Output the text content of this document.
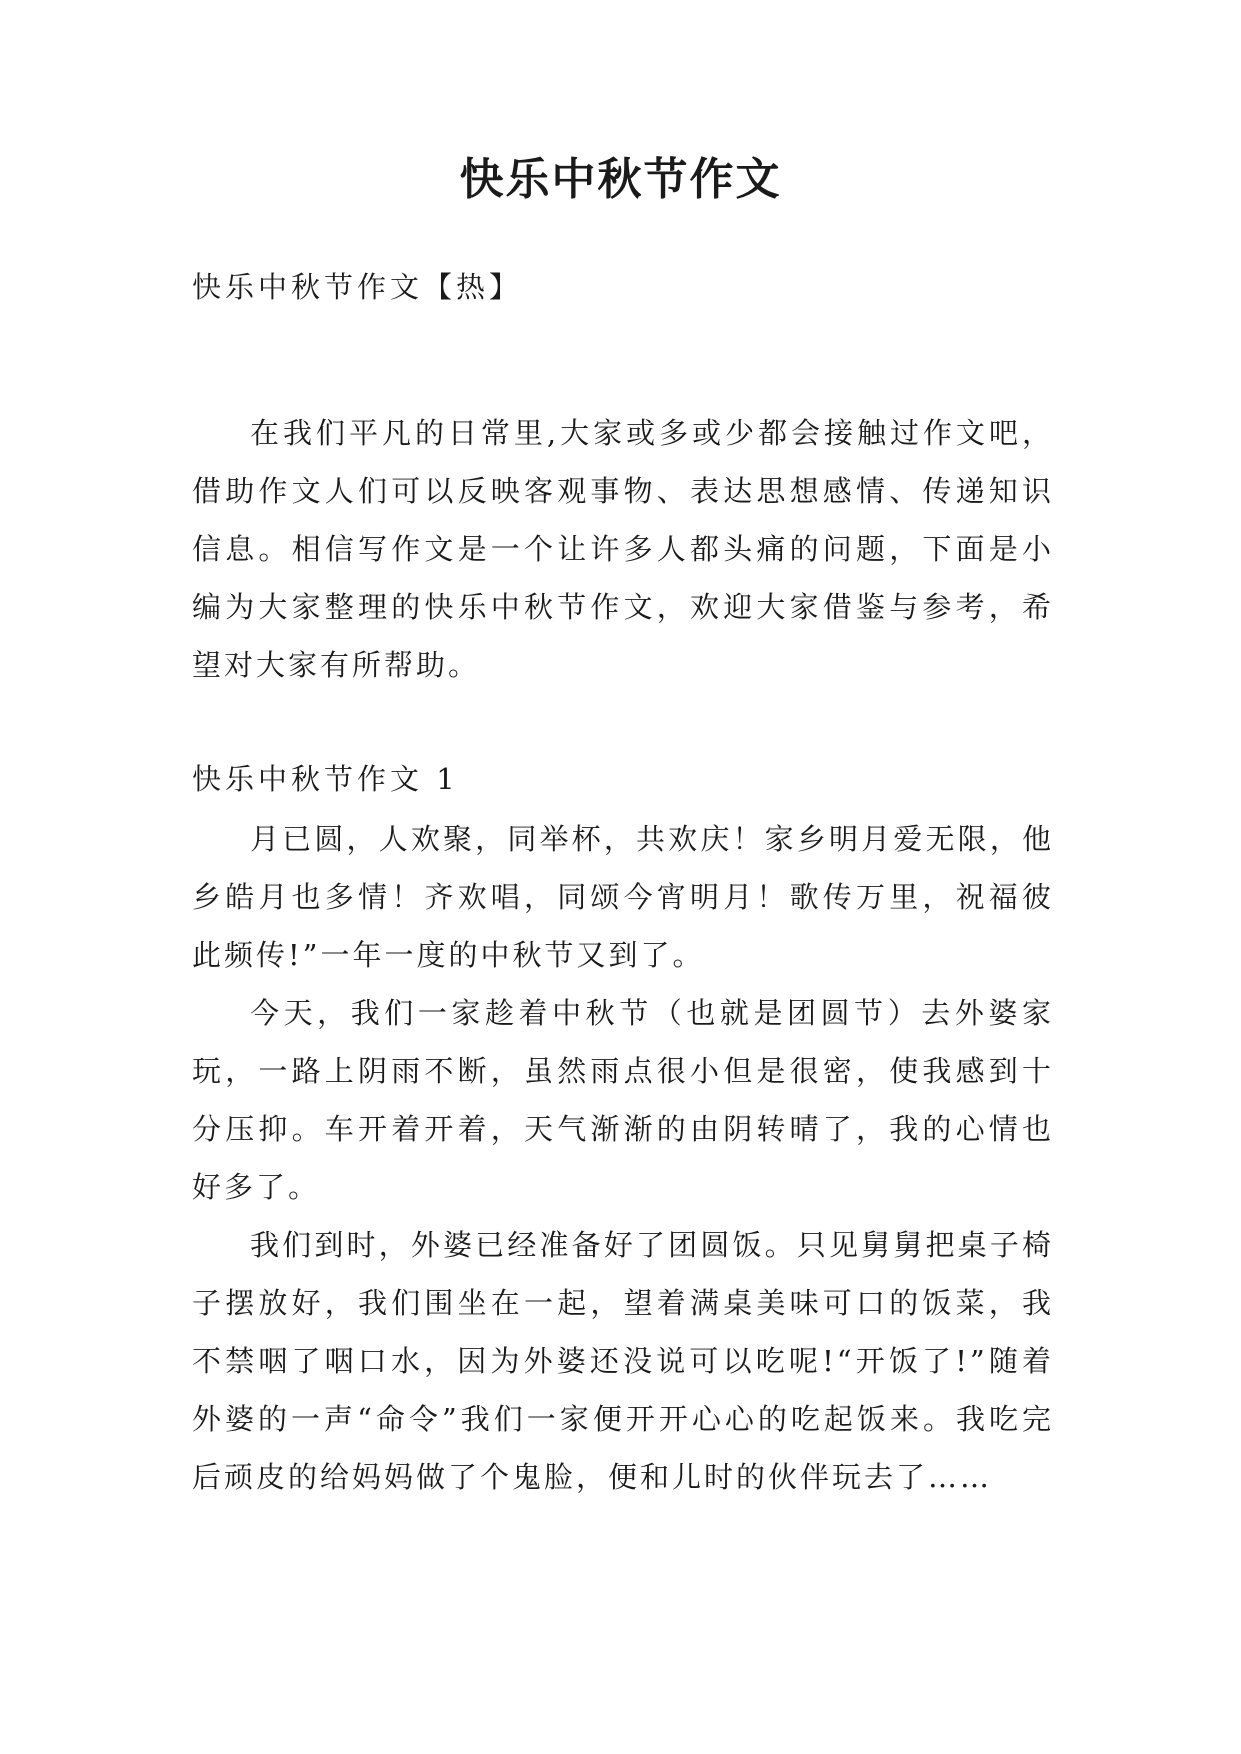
快乐中秋节作文

快乐中秋节作文【热】

在我们平凡的日常里,大家或多或少都会接触过作文吧，借助作文人们可以反映客观事物、表达思想感情、传递知识信息。相信写作文是一个让许多人都头痛的问题，下面是小编为大家整理的快乐中秋节作文，欢迎大家借鉴与参考，希望对大家有所帮助。

快乐中秋节作文 1

月已圆，人欢聚，同举杯，共欢庆！家乡明月爱无限，他乡皓月也多情！齐欢唱，同颂今宵明月！歌传万里，祝福彼此频传!”一年一度的中秋节又到了。

今天，我们一家趁着中秋节（也就是团圆节）去外婆家玩，一路上阴雨不断，虽然雨点很小但是很密，使我感到十分压抑。车开着开着，天气渐渐的由阴转晴了，我的心情也好多了。

我们到时，外婆已经准备好了团圆饭。只见舅舅把桌子椅子摆放好，我们围坐在一起，望着满桌美味可口的饭菜，我不禁咽了咽口水，因为外婆还没说可以吃呢!“开饭了!”随着外婆的一声“命令”我们一家便开开心心的吃起饭来。我吃完后顽皮的给妈妈做了个鬼脸，便和儿时的伙伴玩去了……
